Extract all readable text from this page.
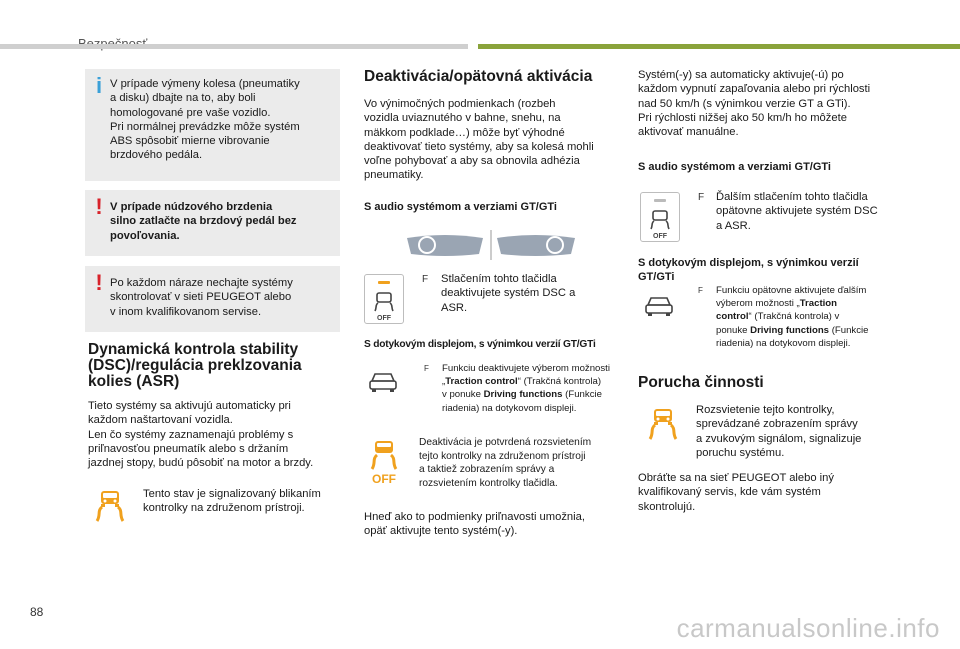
i V prípade výmeny kolesa (pneumatiky
a disku) dbajte na to, aby boli
homologované pre vaše vozidlo.
Pri normálnej prevádzke môže systém
ABS spôsobiť mierne vibrovanie
brzdového pedála.
! V prípade núdzového brzdenia
silno zatlačte na brzdový pedál bez
povoľovania.
! Po každom náraze nechajte systémy
skontrolovať v sieti PEUGEOT alebo
v inom kvalifikovanom servise.
Dynamická kontrola stability
(DSC)/regulácia preklzovania
kolies (ASR)
Tieto systémy sa aktivujú automaticky pri
každom naštartovaní vozidla.
Len čo systémy zaznamenajú problémy s
priľnavosťou pneumatík alebo s držaním
jazdnej stopy, budú pôsobiť na motor a brzdy.
Tento stav je signalizovaný blikaním
kontrolky na združenom prístroji.
Deaktivácia/opätovná aktivácia
Vo výnimočných podmienkach (rozbeh
vozidla uviaznutého v bahne, snehu, na
mäkkom podklade…) môže byť výhodné
deaktivovať tieto systémy, aby sa kolesá mohli
voľne pohybovať a aby sa obnovila adhézia
pneumatiky.
S audio systémom a verziami GT/GTi
OFF
F Stlačením tohto tlačidla
deaktivujete systém DSC a
ASR.
S dotykovým displejom, s výnimkou verzií GT/GTi
F Funkciu deaktivujete výberom možnosti
„Traction control“ (Trakčná kontrola)
v ponuke Driving functions (Funkcie
riadenia) na dotykovom displeji.
OFF
Deaktivácia je potvrdená rozsvietením
tejto kontrolky na združenom prístroji
a taktiež zobrazením správy a
rozsvietením kontrolky tlačidla.
Hneď ako to podmienky priľnavosti umožnia,
opäť aktivujte tento systém(-y).
Systém(-y) sa automaticky aktivuje(-ú) po
každom vypnutí zapaľovania alebo pri rýchlosti
nad 50 km/h (s výnimkou verzie GT a GTi).
Pri rýchlosti nižšej ako 50 km/h ho môžete
aktivovať manuálne.
S audio systémom a verziami GT/GTi
OFF
F Ďalším stlačením tohto tlačidla
opätovne aktivujete systém DSC
a ASR.
S dotykovým displejom, s výnimkou verzií
GT/GTi
F Funkciu opätovne aktivujete ďalším
výberom možnosti „Traction
control“ (Trakčná kontrola) v
ponuke Driving functions (Funkcie
riadenia) na dotykovom displeji.
Porucha činnosti
Rozsvietenie tejto kontrolky,
sprevádzané zobrazením správy
a zvukovým signálom, signalizuje
poruchu systému.
Obráťte sa na sieť PEUGEOT alebo iný
kvalifikovaný servis, kde vám systém
skontrolujú.
88
carmanualsonline.info
